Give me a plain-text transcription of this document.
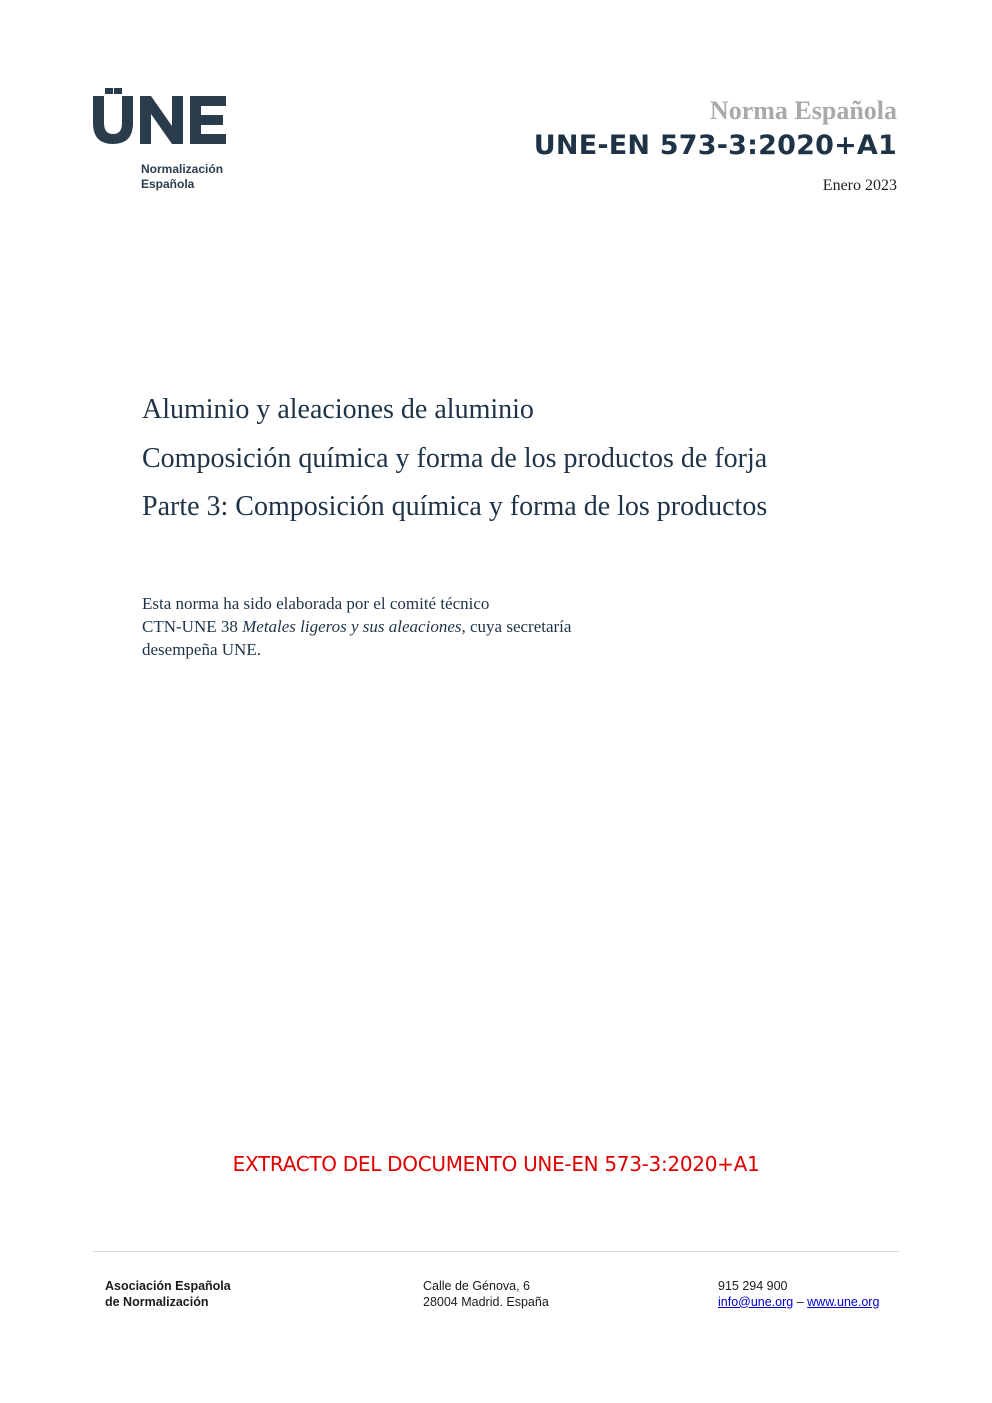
Normalización
Española
Norma Española
UNE-EN 573-3:2020+A1
Enero 2023
Aluminio y aleaciones de aluminio
Composición química y forma de los productos de forja
Parte 3: Composición química y forma de los productos
Esta norma ha sido elaborada por el comité técnico
CTN-UNE 38 Metales ligeros y sus aleaciones, cuya secretaría
desempeña UNE.
EXTRACTO DEL DOCUMENTO UNE-EN 573-3:2020+A1
Asociación Española
de Normalización
Calle de Génova, 6
28004 Madrid. España
915 294 900
info@une.org – www.une.org
